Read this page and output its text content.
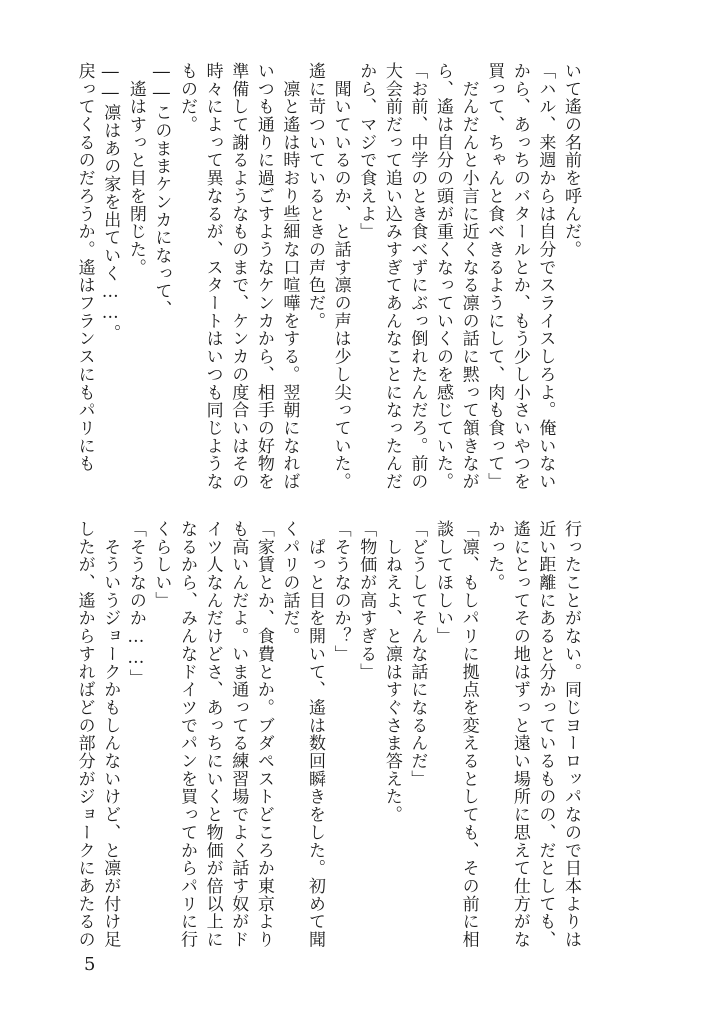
いて遙の名前を呼んだ。
「ハル、来週からは自分でスライスしろよ。俺いない
から、あっちのバタールとか、もう少し小さいやつを
買って、ちゃんと食べきるようにして、肉も食って」
　だんだんと小言に近くなる凛の話に黙って頷きなが
ら、遙は自分の頭が重くなっていくのを感じていた。
「お前、中学のとき食べずにぶっ倒れたんだろ。前の
大会前だって追い込みすぎてあんなことになったんだ
から、マジで食えよ」
　聞いているのか、と話す凛の声は少し尖っていた。
遙に苛ついているときの声色だ。
　凛と遙は時おり些細な口喧嘩をする。翌朝になれば
いつも通りに過ごすようなケンカから、相手の好物を
準備して謝るようなものまで、ケンカの度合いはその
時々によって異なるが、スタートはいつも同じような
ものだ。
――このままケンカになって、
　遙はすっと目を閉じた。
――凛はあの家を出ていく……。
戻ってくるのだろうか。遙はフランスにもパリにも
行ったことがない。同じヨーロッパなので日本よりは
近い距離にあると分かっているものの、だとしても、
遙にとってその地はずっと遠い場所に思えて仕方がな
かった。
「凛、もしパリに拠点を変えるとしても、その前に相
談してほしい」
「どうしてそんな話になるんだ」
　しねえよ、と凛はすぐさま答えた。
「物価が高すぎる」
「そうなのか？」
　ぱっと目を開いて、遙は数回瞬きをした。初めて聞
くパリの話だ。
「家賃とか、食費とか。ブダペストどころか東京より
も高いんだよ。いま通ってる練習場でよく話す奴がド
イツ人なんだけどさ、あっちにいくと物価が倍以上に
なるから、みんなドイツでパンを買ってからパリに行
くらしい」
「そうなのか……」
　そういうジョークかもしんないけど、と凛が付け足
したが、遙からすればどの部分がジョークにあたるの
5
